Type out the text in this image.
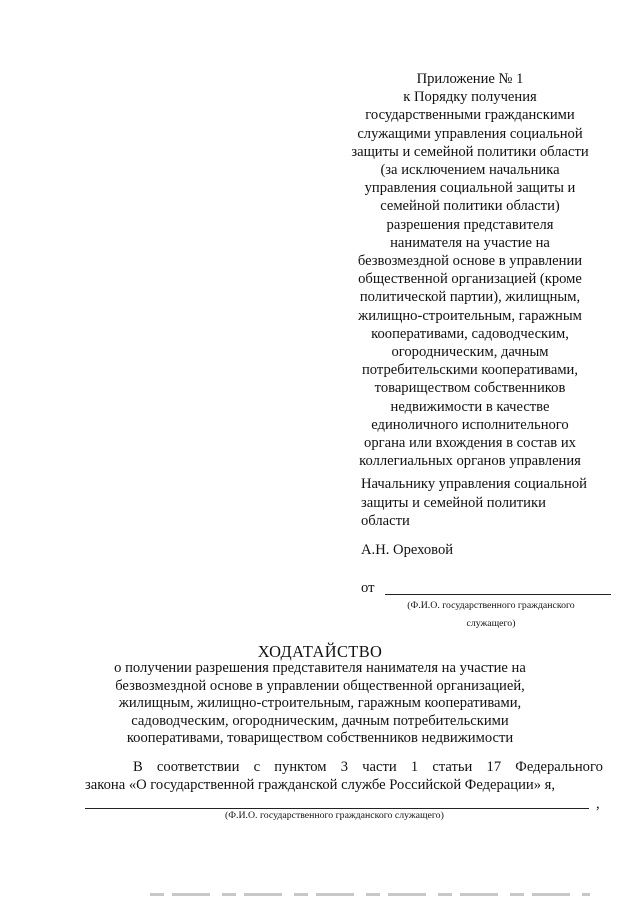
Приложение № 1
к Порядку получения
государственными гражданскими
служащими управления социальной
защиты и семейной политики области
(за исключением начальника
управления социальной защиты и
семейной политики области)
разрешения представителя
нанимателя на участие на
безвозмездной основе в управлении
общественной организацией (кроме
политической партии), жилищным,
жилищно-строительным, гаражным
кооперативами, садоводческим,
огородническим, дачным
потребительскими кооперативами,
товариществом собственников
недвижимости в качестве
единоличного исполнительного
органа или вхождения в состав их
коллегиальных органов управления
Начальнику управления социальной
защиты и семейной политики
области
А.Н. Ореховой
от
(Ф.И.О. государственного гражданского
служащего)
ХОДАТАЙСТВО
о получении разрешения представителя нанимателя на участие на
безвозмездной основе в управлении общественной организацией,
жилищным, жилищно-строительным, гаражным кооперативами,
садоводческим, огородническим, дачным потребительскими
кооперативами, товариществом собственников недвижимости
В соответствии с пунктом 3 части 1 статьи 17 Федерального
закона «О государственной гражданской службе Российской Федерации» я,
,
(Ф.И.О. государственного гражданского служащего)
